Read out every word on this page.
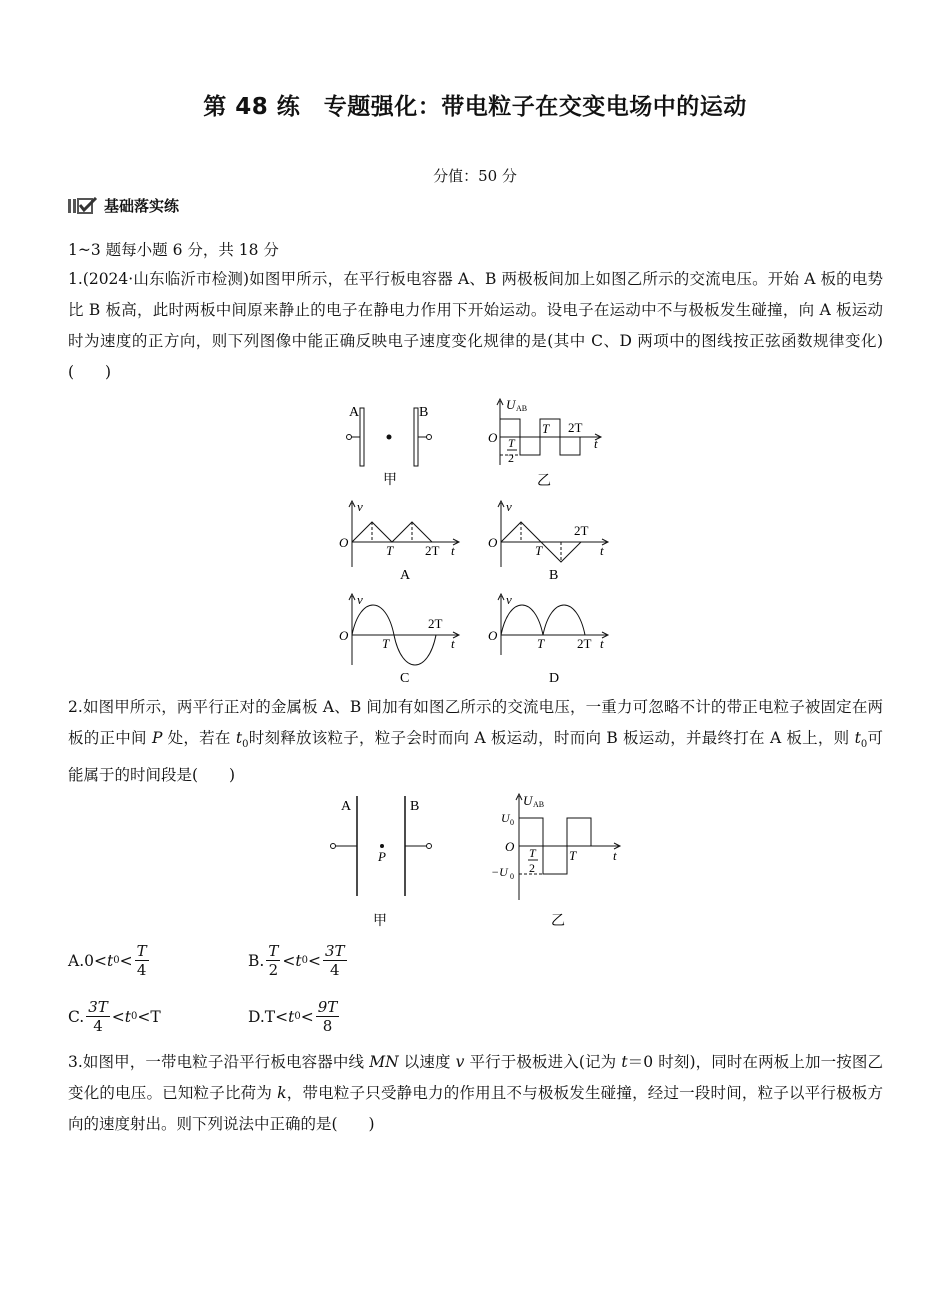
第 48 练　专题强化：带电粒子在交变电场中的运动
分值：50 分
基础落实练
1~3 题每小题 6 分，共 18 分
1.(2024·山东临沂市检测)如图甲所示，在平行板电容器 A、B 两极板间加上如图乙所示的交流电压。开始 A 板的电势比 B 板高，此时两板中间原来静止的电子在静电力作用下开始运动。设电子在运动中不与极板发生碰撞，向 A 板运动时为速度的正方向，则下列图像中能正确反映电子速度变化规律的是(其中 C、D 两项中的图线按正弦函数规律变化)(　　)
A	B
甲
U AB
O T
2
T 2T
t
乙
v
O
T 2T t
A
v
O
T
2T
t
B
v
O
T
2T
t
C
v
O
T	2T t
D
2.如图甲所示，两平行正对的金属板 A、B 间加有如图乙所示的交流电压，一重力可忽略不计的带正电粒子被固定在两板的正中间 P 处，若在 $t_0$时刻释放该粒子，粒子会时而向 A 板运动，时而向 B 板运动，并最终打在 A 板上，则 $t_0$可能属于的时间段是(　　)
A	B
P
甲
U AB
U 0
O
−U 0
T
2
T	t
乙
A.0< t $0 < \frac{T}{4}$	B. $\frac{T}{2} < t$ $0 < \frac{3T}{4}$
C. $\frac{3T}{4} < t$ 0 <T	D.T< t $0 < \frac{9T}{8}$
3.如图甲，一带电粒子沿平行板电容器中线 MN 以速度 v 平行于极板进入(记为 t＝0 时刻)，同时在两板上加一按图乙变化的电压。已知粒子比荷为 k，带电粒子只受静电力的作用且不与极板发生碰撞，经过一段时间，粒子以平行极板方向的速度射出。则下列说法中正确的是(　　)
